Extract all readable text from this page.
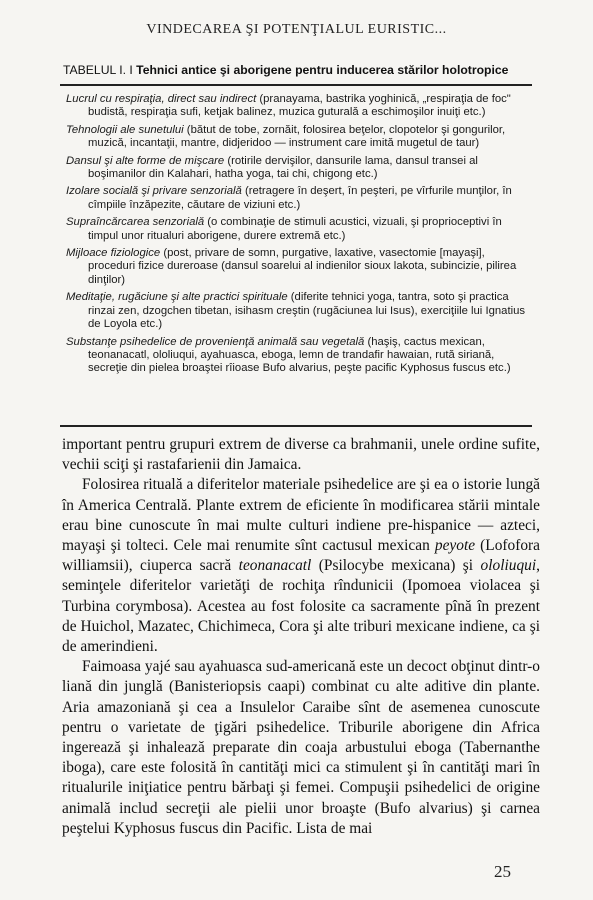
VINDECAREA ŞI POTENŢIALUL EURISTIC...
TABELUL I. I Tehnici antice şi aborigene pentru inducerea stărilor holotropice
Lucrul cu respiraţia, direct sau indirect (pranayama, bastrika yoghinică, „respiraţia de foc" budistă, respiraţia sufi, ketjak balinez, muzica guturală a eschimoşilor inuiţi etc.)
Tehnologii ale sunetului (bătut de tobe, zornăit, folosirea beţelor, clopotelor şi gongurilor, muzică, incantaţii, mantre, didjeridoo — instrument care imită mugetul de taur)
Dansul şi alte forme de mişcare (rotirile dervişilor, dansurile lama, dansul transei al boşimanilor din Kalahari, hatha yoga, tai chi, chigong etc.)
Izolare socială şi privare senzorială (retragere în deşert, în peşteri, pe vîrfurile munţilor, în cîmpiile înzăpezite, căutare de viziuni etc.)
Supraîncărcarea senzorială (o combinaţie de stimuli acustici, vizuali, şi proprioceptivi în timpul unor ritualuri aborigene, durere extremă etc.)
Mijloace fiziologice (post, privare de somn, purgative, laxative, vasectomie [mayaşi], proceduri fizice dureroase (dansul soarelui al indienilor sioux lakota, subincizie, pilirea dinţilor)
Meditaţie, rugăciune şi alte practici spirituale (diferite tehnici yoga, tantra, soto şi practica rinzai zen, dzogchen tibetan, isihasm creştin (rugăciunea lui Isus), exerciţiile lui Ignatius de Loyola etc.)
Substanţe psihedelice de provenienţă animală sau vegetală (haşiş, cactus mexican, teonanacatl, ololiuqui, ayahuasca, eboga, lemn de trandafir hawaian, rută siriană, secreţie din pielea broaştei rîioase Bufo alvarius, peşte pacific Kyphosus fuscus etc.)

important pentru grupuri extrem de diverse ca brahmanii, unele ordine sufite, vechii sciţi şi rastafarienii din Jamaica.

Folosirea rituală a diferitelor materiale psihedelice are şi ea o istorie lungă în America Centrală. Plante extrem de eficiente în modificarea stării mintale erau bine cunoscute în mai multe culturi indiene pre-hispanice — azteci, mayaşi şi tolteci. Cele mai renumite sînt cactusul mexican peyote (Lofofora williamsii), ciuperca sacră teonanacatl (Psilocybe mexicana) şi ololiuqui, seminţele diferitelor varietăţi de rochiţa rîndunicii (Ipomoea violacea şi Turbina corymbosa). Acestea au fost folosite ca sacramente pînă în prezent de Huichol, Mazatec, Chichimeca, Cora şi alte triburi mexicane indiene, ca şi de amerindieni.

Faimoasa yajé sau ayahuasca sud-americană este un decoct obţinut dintr-o liană din junglă (Banisteriopsis caapi) combinat cu alte aditive din plante. Aria amazoniană şi cea a Insulelor Caraibe sînt de asemenea cunoscute pentru o varietate de ţigări psihedelice. Triburile aborigene din Africa ingerează şi inhalează preparate din coaja arbustului eboga (Tabernanthe iboga), care este folosită în cantităţi mici ca stimulent şi în cantităţi mari în ritualurile iniţiatice pentru bărbaţi şi femei. Compuşii psihedelici de origine animală includ secreţii ale pielii unor broaşte (Bufo alvarius) şi carnea peştelui Kyphosus fuscus din Pacific. Lista de mai

25
